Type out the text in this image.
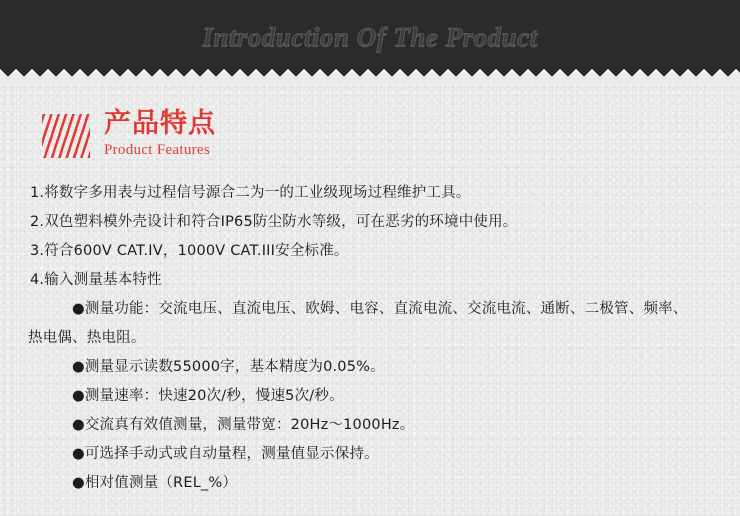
Introduction Of The Product
产品特点
Product Features
1.将数字多用表与过程信号源合二为一的工业级现场过程维护工具。
2.双色塑料模外壳设计和符合IP65防尘防水等级，可在恶劣的环境中使用。
3.符合600V CAT.IV，1000V CAT.III安全标准。
4.输入测量基本特性
●测量功能：交流电压、直流电压、欧姆、电容、直流电流、交流电流、通断、二极管、频率、
热电偶、热电阻。
●测量显示读数55000字，基本精度为0.05%。
●测量速率：快速20次/秒，慢速5次/秒。
●交流真有效值测量，测量带宽：20Hz～1000Hz。
●可选择手动式或自动量程，测量值显示保持。
●相对值测量（REL_%）
